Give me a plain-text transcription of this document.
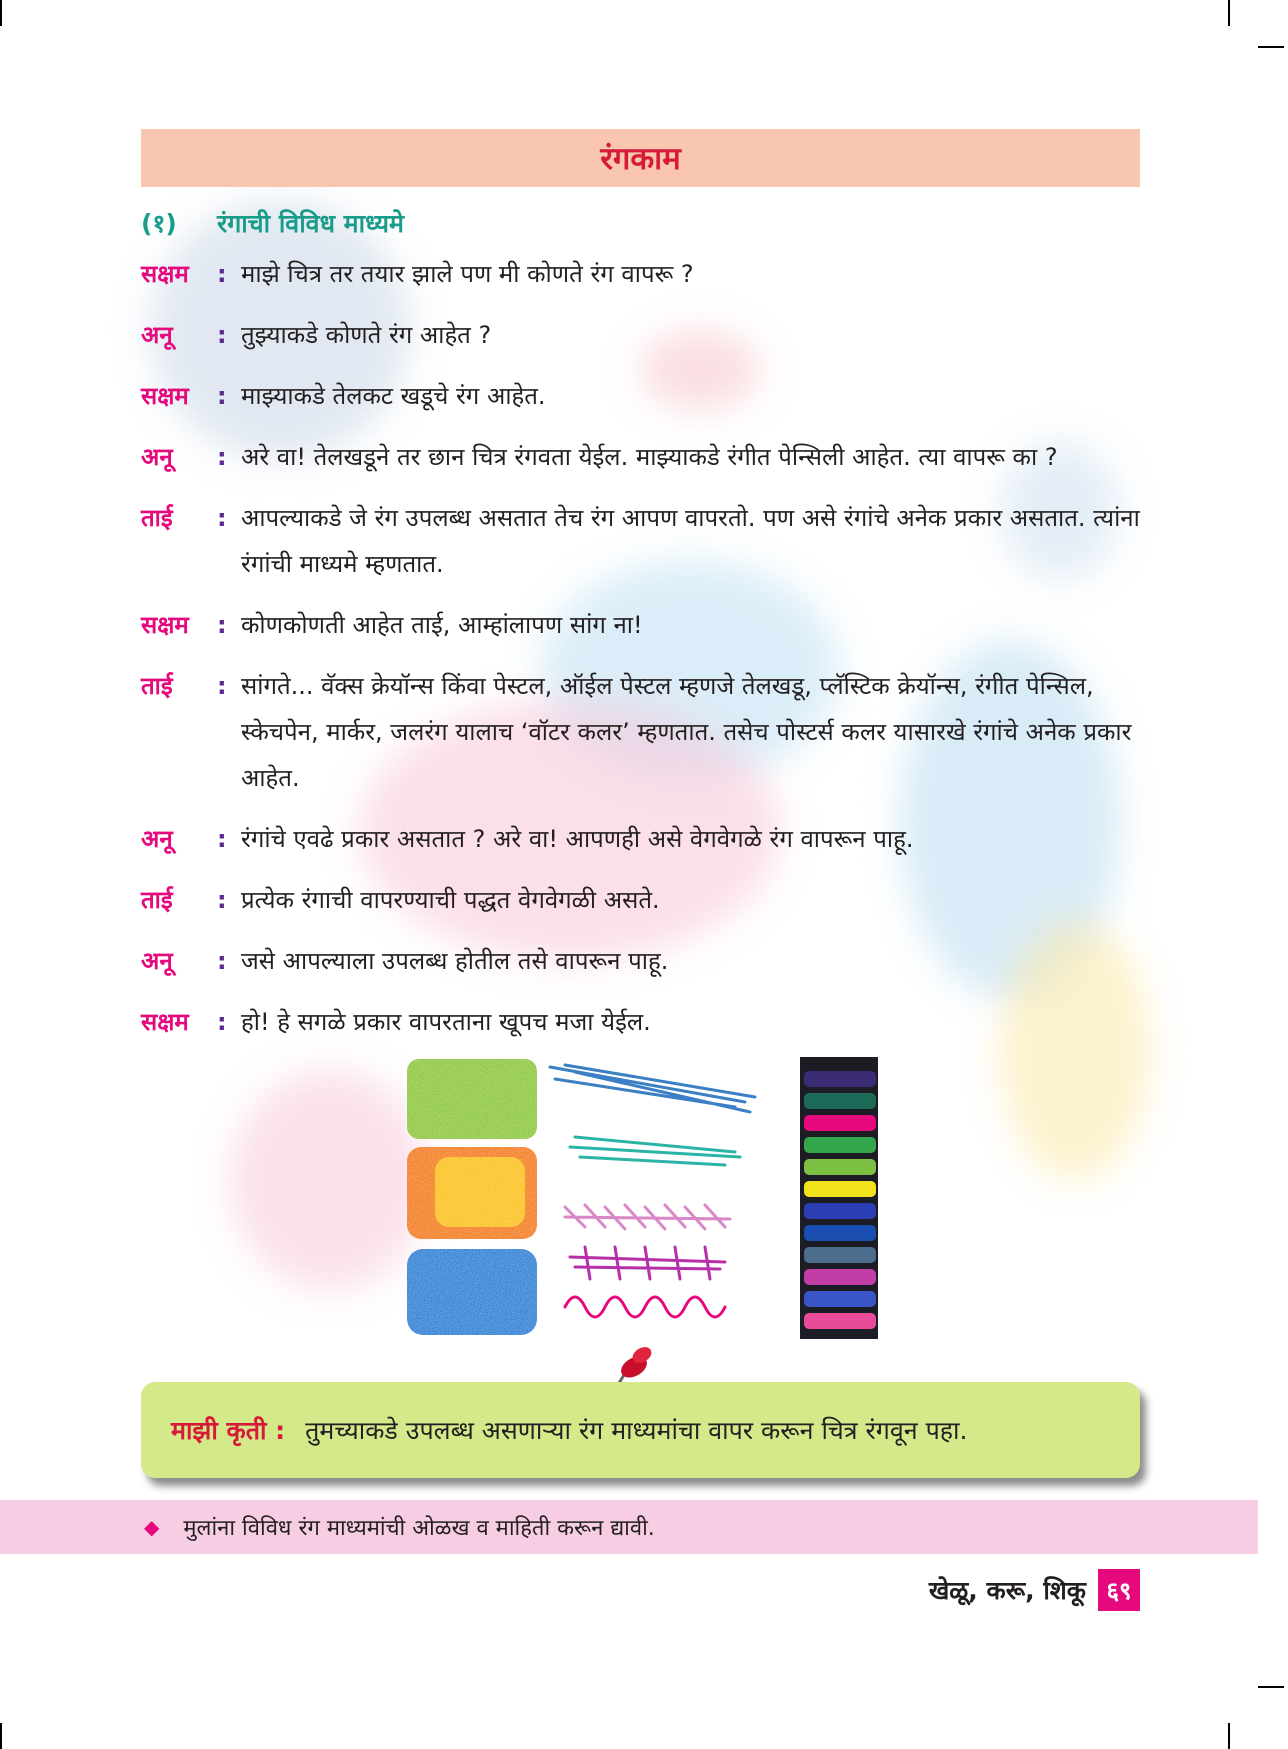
रंगकाम
(१) रंगाची विविध माध्यमे
सक्षम	: माझे चित्र तर तयार झाले पण मी कोणते रंग वापरू ?
अनू	: तुझ्याकडे कोणते रंग आहेत ?
सक्षम	: माझ्याकडे तेलकट खडूचे रंग आहेत.
अनू	: अरे वा! तेलखडूने तर छान चित्र रंगवता येईल. माझ्याकडे रंगीत पेन्सिली आहेत. त्या वापरू का ?
ताई	: आपल्याकडे जे रंग उपलब्ध असतात तेच रंग आपण वापरतो. पण असे रंगांचे अनेक प्रकार असतात. त्यांना रंगांची माध्यमे म्हणतात.
सक्षम	: कोणकोणती आहेत ताई, आम्हांलापण सांग ना!
ताई	: सांगते... वॅक्स क्रेयॉन्स किंवा पेस्टल, ऑईल पेस्टल म्हणजे तेलखडू, प्लॅस्टिक क्रेयॉन्स, रंगीत पेन्सिल, स्केचपेन, मार्कर, जलरंग यालाच ‘वॉटर कलर’ म्हणतात. तसेच पोस्टर्स कलर यासारखे रंगांचे अनेक प्रकार आहेत.
अनू	: रंगांचे एवढे प्रकार असतात ? अरे वा! आपणही असे वेगवेगळे रंग वापरून पाहू.
ताई	: प्रत्येक रंगाची वापरण्याची पद्धत वेगवेगळी असते.
अनू	: जसे आपल्याला उपलब्ध होतील तसे वापरून पाहू.
सक्षम	: हो! हे सगळे प्रकार वापरताना खूपच मजा येईल.
माझी कृती : तुमच्याकडे उपलब्ध असणाऱ्या रंग माध्यमांचा वापर करून चित्र रंगवून पहा.
◆ मुलांना विविध रंग माध्यमांची ओळख व माहिती करून द्यावी.
खेळू, करू, शिकू ६९
